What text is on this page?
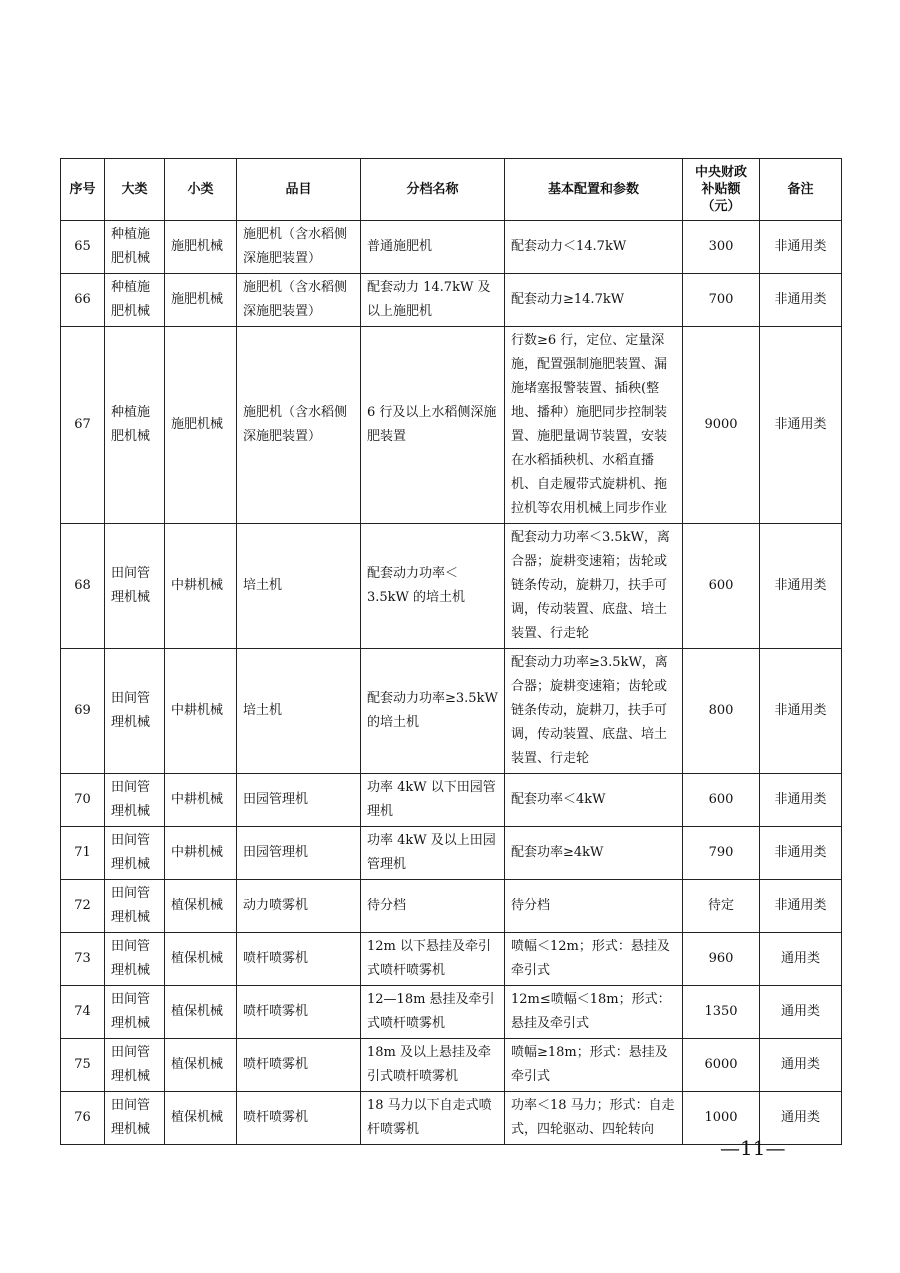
序号	大类	小类	品目	分档名称	基本配置和参数	中央财政补贴额（元）	备注
65	种植施肥机械	施肥机械	施肥机（含水稻侧深施肥装置）	普通施肥机	配套动力＜14.7kW	300	非通用类
66	种植施肥机械	施肥机械	施肥机（含水稻侧深施肥装置）	配套动力 14.7kW 及以上施肥机	配套动力≥14.7kW	700	非通用类
67	种植施肥机械	施肥机械	施肥机（含水稻侧深施肥装置）	6 行及以上水稻侧深施肥装置	行数≥6 行，定位、定量深施，配置强制施肥装置、漏施堵塞报警装置、插秧(整地、播种）施肥同步控制装置、施肥量调节装置，安装在水稻插秧机、水稻直播机、自走履带式旋耕机、拖拉机等农用机械上同步作业	9000	非通用类
68	田间管理机械	中耕机械	培土机	配套动力功率＜3.5kW 的培土机	配套动力功率＜3.5kW，离合器；旋耕变速箱；齿轮或链条传动，旋耕刀，扶手可调，传动装置、底盘、培土装置、行走轮	600	非通用类
69	田间管理机械	中耕机械	培土机	配套动力功率≥3.5kW 的培土机	配套动力功率≥3.5kW，离合器；旋耕变速箱；齿轮或链条传动，旋耕刀，扶手可调，传动装置、底盘、培土装置、行走轮	800	非通用类
70	田间管理机械	中耕机械	田园管理机	功率 4kW 以下田园管理机	配套功率＜4kW	600	非通用类
71	田间管理机械	中耕机械	田园管理机	功率 4kW 及以上田园管理机	配套功率≥4kW	790	非通用类
72	田间管理机械	植保机械	动力喷雾机	待分档	待分档	待定	非通用类
73	田间管理机械	植保机械	喷杆喷雾机	12m 以下悬挂及牵引式喷杆喷雾机	喷幅＜12m；形式：悬挂及牵引式	960	通用类
74	田间管理机械	植保机械	喷杆喷雾机	12—18m 悬挂及牵引式喷杆喷雾机	12m≤喷幅＜18m；形式：悬挂及牵引式	1350	通用类
75	田间管理机械	植保机械	喷杆喷雾机	18m 及以上悬挂及牵引式喷杆喷雾机	喷幅≥18m；形式：悬挂及牵引式	6000	通用类
76	田间管理机械	植保机械	喷杆喷雾机	18 马力以下自走式喷杆喷雾机	功率＜18 马力；形式：自走式，四轮驱动、四轮转向	1000	通用类
—11—
